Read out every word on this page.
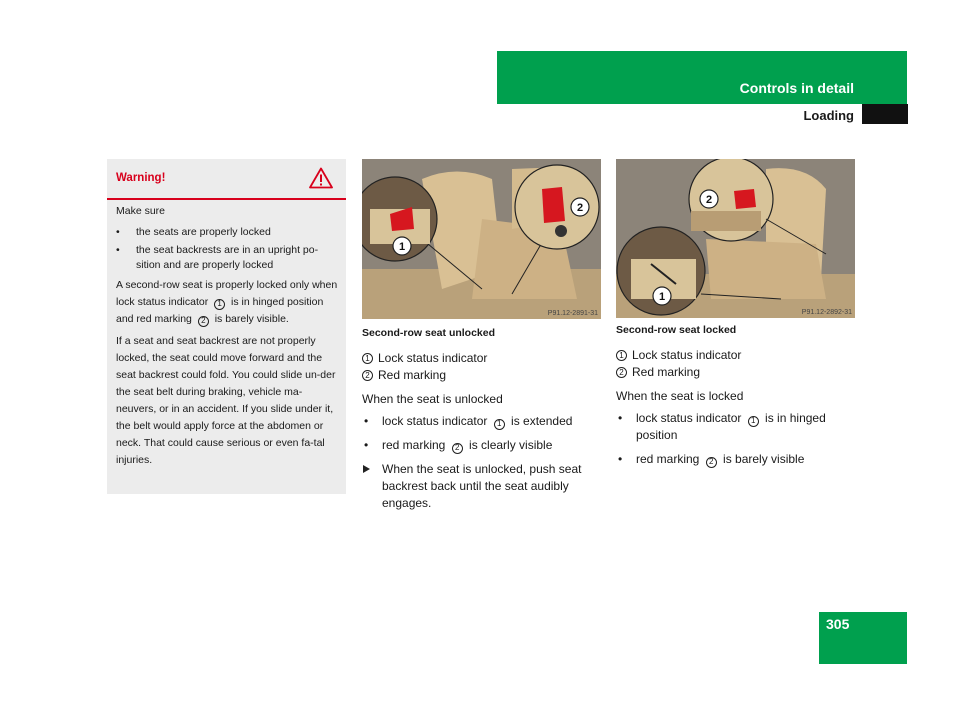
Controls in detail
Loading
Warning!

Make sure

• the seats are properly locked
• the seat backrests are in an upright po-sition and are properly locked

A second-row seat is properly locked only when lock status indicator 1 is in hinged position and red marking 2 is barely visible.

If a seat and seat backrest are not properly locked, the seat could move forward and the seat backrest could fold. You could slide un-der the seat belt during braking, vehicle ma-neuvers, or in an accident. If you slide under it, the belt would apply force at the abdomen or neck. That could cause serious or even fa-tal injuries.

1
2
P91.12-2891-31
2
1
P91.12-2892-31
Second-row seat unlocked
1 Lock status indicator
2 Red marking
When the seat is unlocked
• lock status indicator 1 is extended
• red marking 2 is clearly visible
When the seat is unlocked, push seat backrest back until the seat audibly engages.
Second-row seat locked
1 Lock status indicator
2 Red marking
When the seat is locked
• lock status indicator 1 is in hinged position
• red marking 2 is barely visible
305
